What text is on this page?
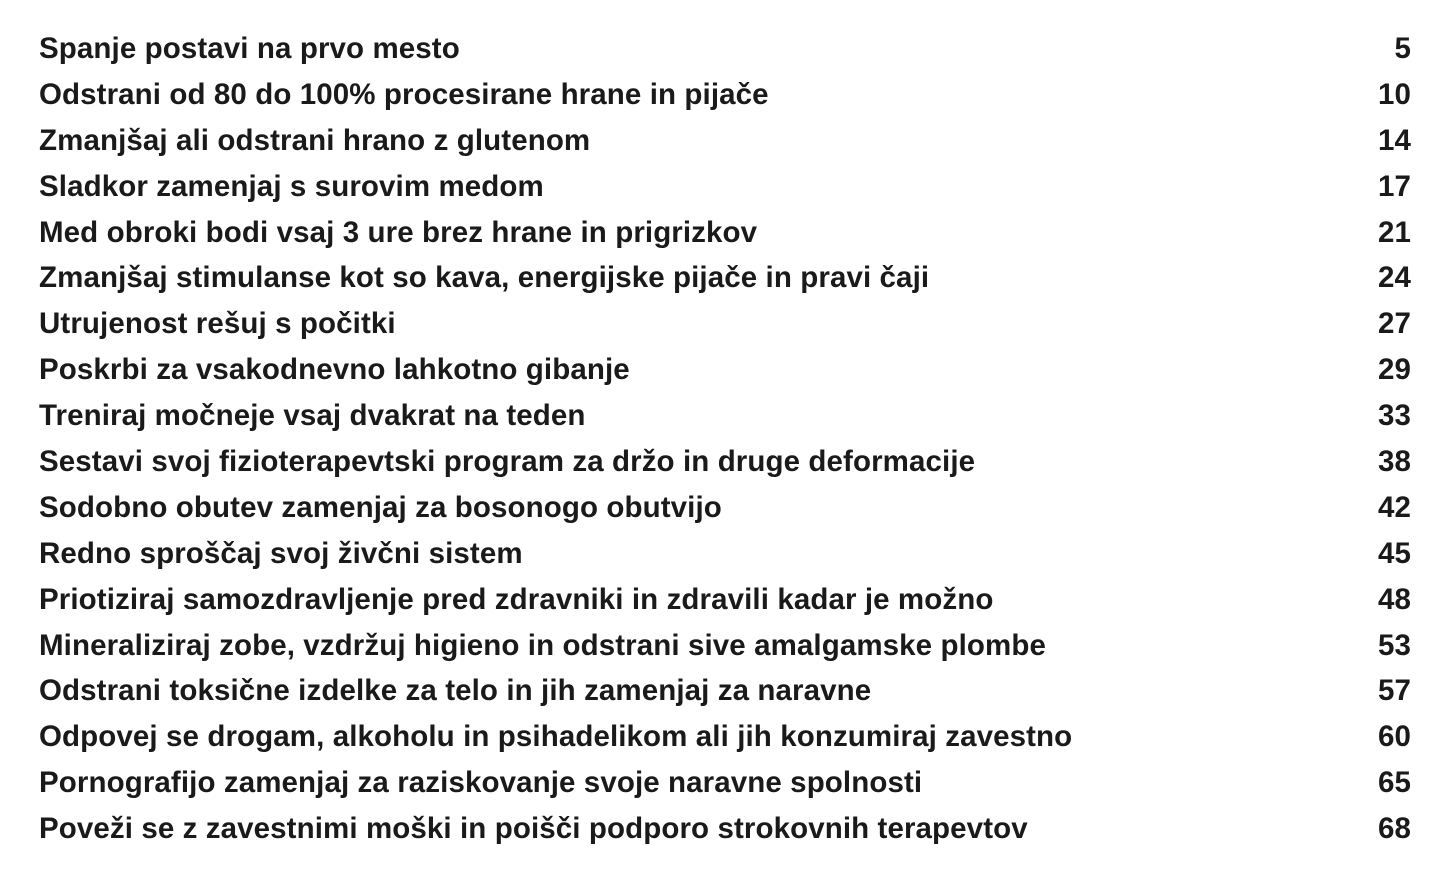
Spanje postavi na prvo mesto	5
Odstrani od 80 do 100% procesirane hrane in pijače	10
Zmanjšaj ali odstrani hrano z glutenom	14
Sladkor zamenjaj s surovim medom	17
Med obroki bodi vsaj 3 ure brez hrane in prigrizkov	21
Zmanjšaj stimulanse kot so kava, energijske pijače in pravi čaji	24
Utrujenost rešuj s počitki	27
Poskrbi za vsakodnevno lahkotno gibanje	29
Treniraj močneje vsaj dvakrat na teden	33
Sestavi svoj fizioterapevtski program za držo in druge deformacije	38
Sodobno obutev zamenjaj za bosonogo obutvijo	42
Redno sproščaj svoj živčni sistem	45
Priotiziraj samozdravljenje pred zdravniki in zdravili kadar je možno	48
Mineraliziraj zobe, vzdržuj higieno in odstrani sive amalgamske plombe	53
Odstrani toksične izdelke za telo in jih zamenjaj za naravne	57
Odpovej se drogam, alkoholu in psihadelikom ali jih konzumiraj zavestno	60
Pornografijo zamenjaj za raziskovanje svoje naravne spolnosti	65
Poveži se z zavestnimi moški in poišči podporo strokovnih terapevtov	68
